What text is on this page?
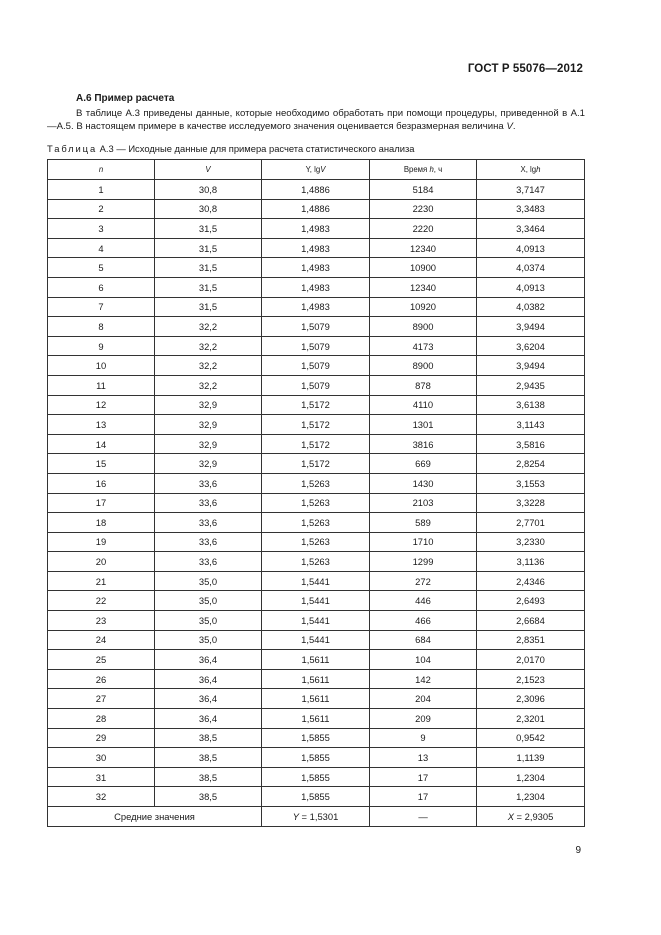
ГОСТ Р 55076—2012
А.6 Пример расчета

В таблице А.3 приведены данные, которые необходимо обработать при помощи процедуры, приведенной в А.1—А.5. В настоящем примере в качестве исследуемого значения оценивается безразмерная величина V.

Таблица А.3 — Исходные данные для примера расчета статистического анализа
n	V	Y, lgV	Время h, ч	X, lgh
1	30,8	1,4886	5184	3,7147
2	30,8	1,4886	2230	3,3483
3	31,5	1,4983	2220	3,3464
4	31,5	1,4983	12340	4,0913
5	31,5	1,4983	10900	4,0374
6	31,5	1,4983	12340	4,0913
7	31,5	1,4983	10920	4,0382
8	32,2	1,5079	8900	3,9494
9	32,2	1,5079	4173	3,6204
10	32,2	1,5079	8900	3,9494
11	32,2	1,5079	878	2,9435
12	32,9	1,5172	4110	3,6138
13	32,9	1,5172	1301	3,1143
14	32,9	1,5172	3816	3,5816
15	32,9	1,5172	669	2,8254
16	33,6	1,5263	1430	3,1553
17	33,6	1,5263	2103	3,3228
18	33,6	1,5263	589	2,7701
19	33,6	1,5263	1710	3,2330
20	33,6	1,5263	1299	3,1136
21	35,0	1,5441	272	2,4346
22	35,0	1,5441	446	2,6493
23	35,0	1,5441	466	2,6684
24	35,0	1,5441	684	2,8351
25	36,4	1,5611	104	2,0170
26	36,4	1,5611	142	2,1523
27	36,4	1,5611	204	2,3096
28	36,4	1,5611	209	2,3201
29	38,5	1,5855	9	0,9542
30	38,5	1,5855	13	1,1139
31	38,5	1,5855	17	1,2304
32	38,5	1,5855	17	1,2304
Средние значения		Y = 1,5301	—	X = 2,9305
9
